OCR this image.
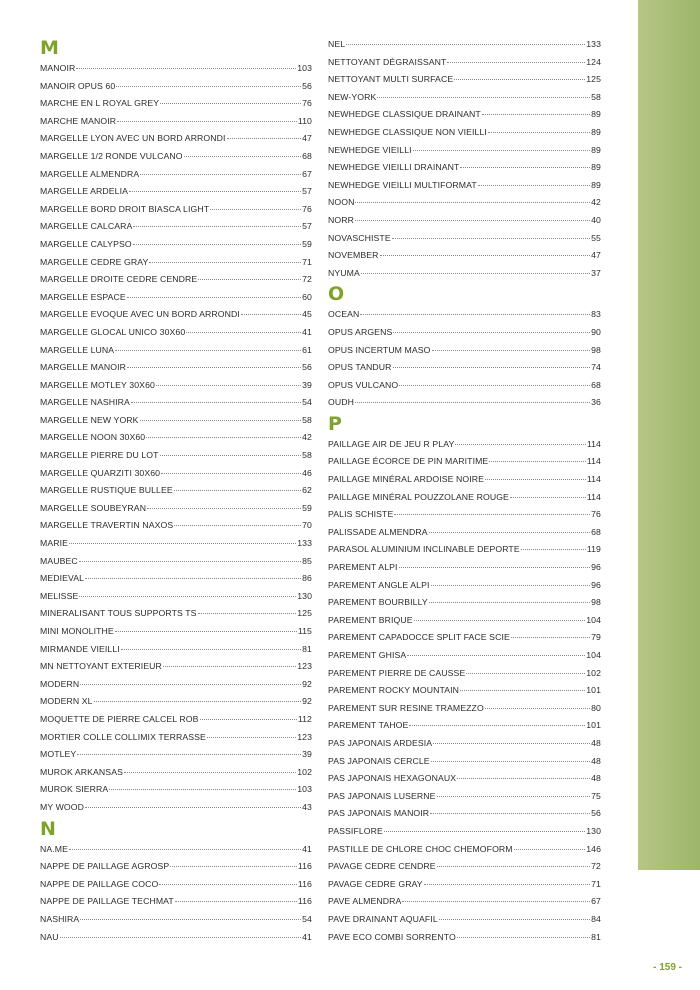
M
MANOIR	103
MANOIR OPUS 60	56
MARCHE EN L ROYAL GREY	76
MARCHE MANOIR	110
MARGELLE LYON AVEC UN BORD ARRONDI	47
MARGELLE 1/2 RONDE VULCANO	68
MARGELLE ALMENDRA	67
MARGELLE ARDELIA	57
MARGELLE BORD DROIT BIASCA LIGHT	76
MARGELLE CALCARA	57
MARGELLE CALYPSO	59
MARGELLE CEDRE GRAY	71
MARGELLE DROITE CEDRE CENDRE	72
MARGELLE ESPACE	60
MARGELLE EVOQUE AVEC UN BORD ARRONDI	45
MARGELLE GLOCAL UNICO 30X60	41
MARGELLE LUNA	61
MARGELLE MANOIR	56
MARGELLE MOTLEY 30X60	39
MARGELLE NASHIRA	54
MARGELLE NEW YORK	58
MARGELLE NOON 30X60	42
MARGELLE PIERRE DU LOT	58
MARGELLE QUARZITI 30X60	46
MARGELLE RUSTIQUE BULLEE	62
MARGELLE SOUBEYRAN	59
MARGELLE TRAVERTIN NAXOS	70
MARIE	133
MAUBEC	85
MEDIEVAL	86
MELISSE	130
MINERALISANT TOUS SUPPORTS TS	125
MINI MONOLITHE	115
MIRMANDE VIEILLI	81
MN NETTOYANT EXTERIEUR	123
MODERN	92
MODERN XL	92
MOQUETTE DE PIERRE CALCEL ROB	112
MORTIER COLLE COLLIMIX TERRASSE	123
MOTLEY	39
MUROK ARKANSAS	102
MUROK SIERRA	103
MY WOOD	43
N
NA.ME	41
NAPPE DE PAILLAGE AGROSP	116
NAPPE DE PAILLAGE COCO	116
NAPPE DE PAILLAGE TECHMAT	116
NASHIRA	54
NAU	41
NEL	133
NETTOYANT DÉGRAISSANT	124
NETTOYANT MULTI SURFACE	125
NEW-YORK	58
NEWHEDGE CLASSIQUE DRAINANT	89
NEWHEDGE CLASSIQUE NON VIEILLI	89
NEWHEDGE VIEILLI	89
NEWHEDGE VIEILLI DRAINANT	89
NEWHEDGE VIEILLI MULTIFORMAT	89
NOON	42
NORR	40
NOVASCHISTE	55
NOVEMBER	47
NYUMA	37
O
OCEAN	83
OPUS ARGENS	90
OPUS INCERTUM MASO	98
OPUS TANDUR	74
OPUS VULCANO	68
OUDH	36
P
PAILLAGE AIR DE JEU R PLAY	114
PAILLAGE ÉCORCE DE PIN MARITIME	114
PAILLAGE MINÉRAL ARDOISE NOIRE	114
PAILLAGE MINÉRAL POUZZOLANE ROUGE	114
PALIS SCHISTE	76
PALISSADE ALMENDRA	68
PARASOL ALUMINIUM INCLINABLE DEPORTE	119
PAREMENT ALPI	96
PAREMENT ANGLE ALPI	96
PAREMENT BOURBILLY	98
PAREMENT BRIQUE	104
PAREMENT CAPADOCCE SPLIT FACE SCIE	79
PAREMENT GHISA	104
PAREMENT PIERRE DE CAUSSE	102
PAREMENT ROCKY MOUNTAIN	101
PAREMENT SUR RESINE TRAMEZZO	80
PAREMENT TAHOE	101
PAS JAPONAIS ARDESIA	48
PAS JAPONAIS CERCLE	48
PAS JAPONAIS HEXAGONAUX	48
PAS JAPONAIS LUSERNE	75
PAS JAPONAIS MANOIR	56
PASSIFLORE	130
PASTILLE DE CHLORE CHOC CHEMOFORM	146
PAVAGE CEDRE CENDRE	72
PAVAGE CEDRE GRAY	71
PAVE ALMENDRA	67
PAVE DRAINANT AQUAFIL	84
PAVE ECO COMBI SORRENTO	81
- 159 -
